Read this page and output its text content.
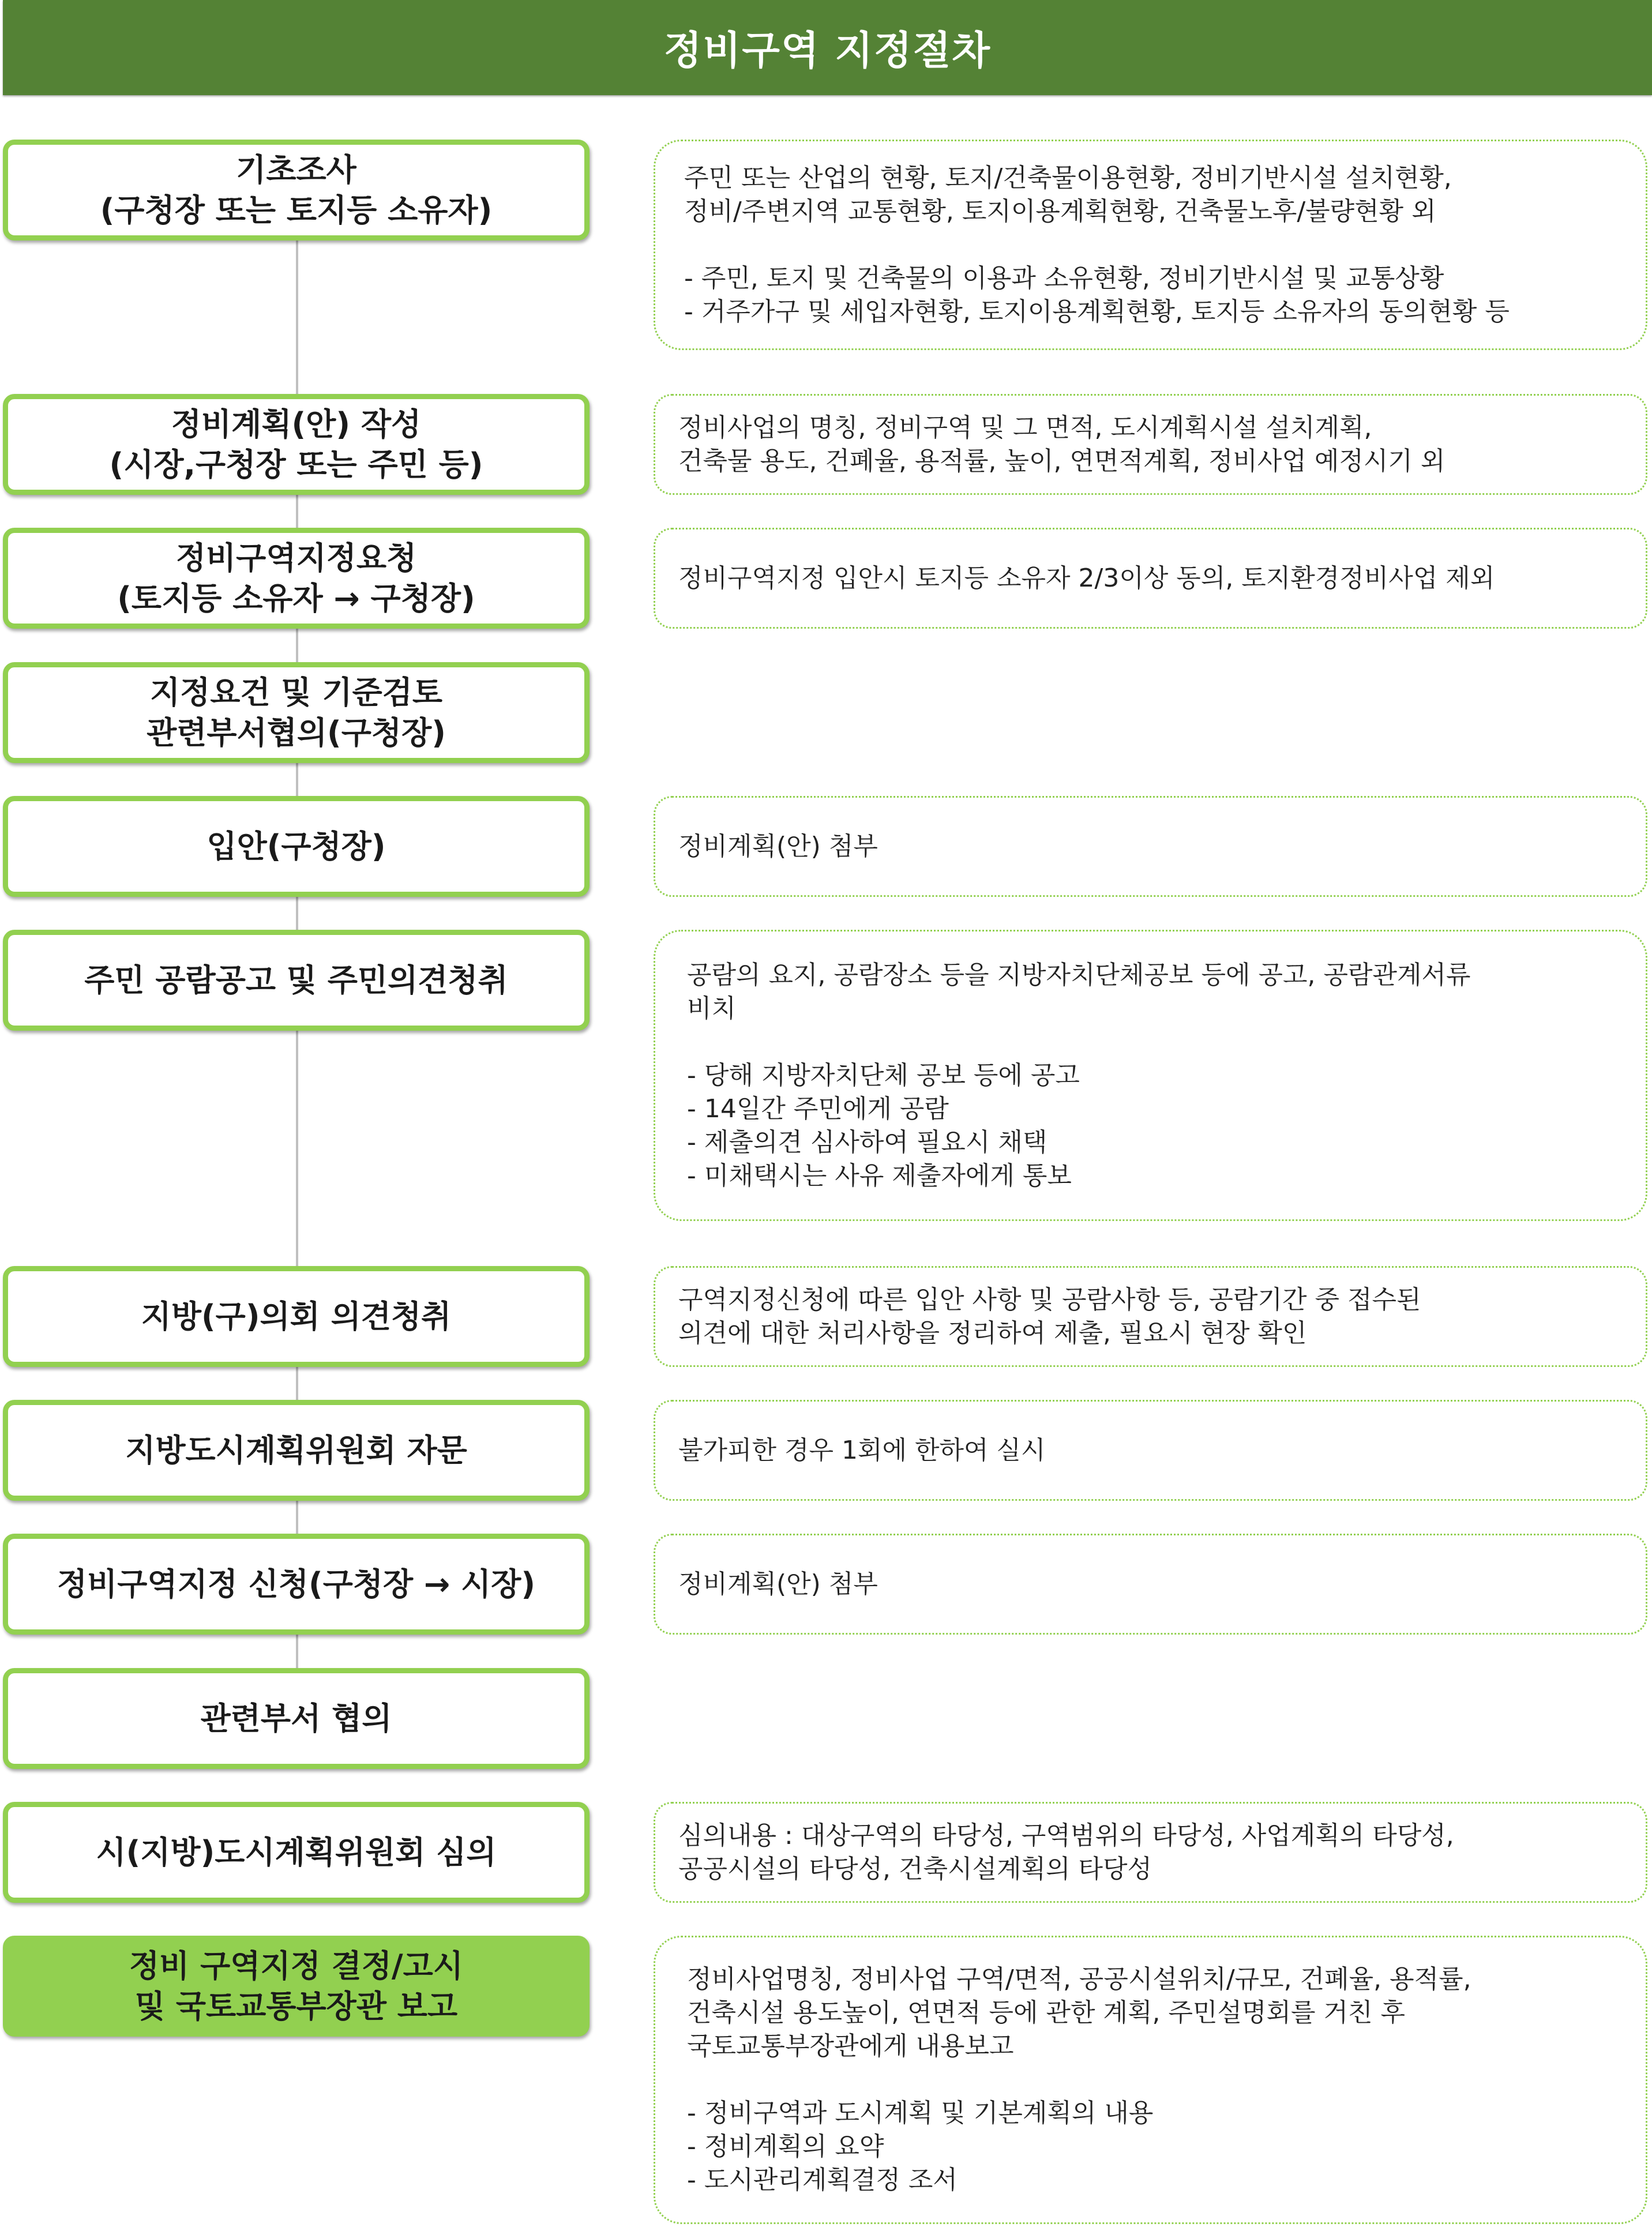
정비구역 지정절차
기초조사
(구청장 또는 토지등 소유자)
정비계획(안) 작성
(시장,구청장 또는 주민 등)
정비구역지정요청
(토지등 소유자 → 구청장)
지정요건 및 기준검토
관련부서협의(구청장)
입안(구청장)
주민 공람공고 및 주민의견청취
지방(구)의회 의견청취
지방도시계획위원회 자문
정비구역지정 신청(구청장 → 시장)
관련부서 협의
시(지방)도시계획위원회 심의
정비 구역지정 결정/고시
및 국토교통부장관 보고
주민 또는 산업의 현황, 토지/건축물이용현황, 정비기반시설 설치현황,
정비/주변지역 교통현황, 토지이용계획현황, 건축물노후/불량현황 외
- 주민, 토지 및 건축물의 이용과 소유현황, 정비기반시설 및 교통상황
- 거주가구 및 세입자현황, 토지이용계획현황, 토지등 소유자의 동의현황 등
정비사업의 명칭, 정비구역 및 그 면적, 도시계획시설 설치계획,
건축물 용도, 건폐율, 용적률, 높이, 연면적계획, 정비사업 예정시기 외
정비구역지정 입안시 토지등 소유자 2/3이상 동의, 토지환경정비사업 제외
정비계획(안) 첨부
공람의 요지, 공람장소 등을 지방자치단체공보 등에 공고, 공람관계서류
비치
- 당해 지방자치단체 공보 등에 공고
- 14일간 주민에게 공람
- 제출의견 심사하여 필요시 채택
- 미채택시는 사유 제출자에게 통보
구역지정신청에 따른 입안 사항 및 공람사항 등, 공람기간 중 접수된
의견에 대한 처리사항을 정리하여 제출, 필요시 현장 확인
불가피한 경우 1회에 한하여 실시
정비계획(안) 첨부
심의내용 : 대상구역의 타당성, 구역범위의 타당성, 사업계획의 타당성,
공공시설의 타당성, 건축시설계획의 타당성
정비사업명칭, 정비사업 구역/면적, 공공시설위치/규모, 건폐율, 용적률,
건축시설 용도높이, 연면적 등에 관한 계획, 주민설명회를 거친 후
국토교통부장관에게 내용보고
- 정비구역과 도시계획 및 기본계획의 내용
- 정비계획의 요약
- 도시관리계획결정 조서
